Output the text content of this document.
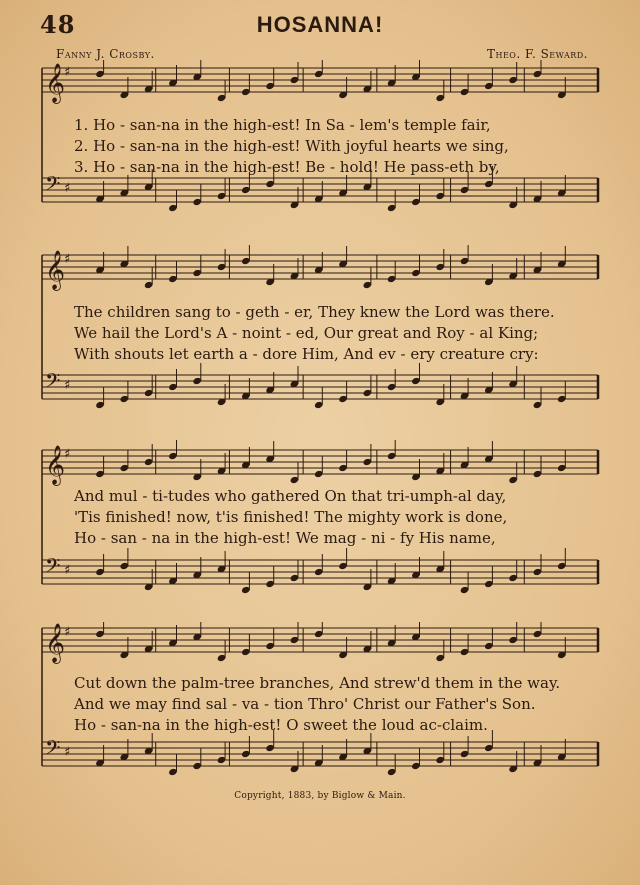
48	HOSANNA!
Fanny J. Crosby.	Theo. F. Seward.
𝄞
♯
𝄢 ♯
1. Ho - san-na in the high-est! In Sa - lem's temple fair,
2. Ho - san-na in the high-est! With joyful hearts we sing,
3. Ho - san-na in the high-est! Be - hold! He pass-eth by,
𝄞
♯
𝄢 ♯
The children sang to - geth - er, They knew the Lord was there.
We hail the Lord's A - noint - ed, Our great and Roy - al King;
With shouts let earth a - dore Him, And ev - ery creature cry:
𝄞
♯
𝄢 ♯
And mul - ti-tudes who gathered On that tri-umph-al day,
'Tis finished! now, t'is finished! The mighty work is done,
Ho - san - na in the high-est! We mag - ni - fy His name,
𝄞
♯
𝄢 ♯
Cut down the palm-tree branches, And strew'd them in the way.
And we may find sal - va - tion Thro' Christ our Father's Son.
Ho - san-na in the high-est! O sweet the loud ac-claim.
Copyright, 1883, by Biglow & Main.
